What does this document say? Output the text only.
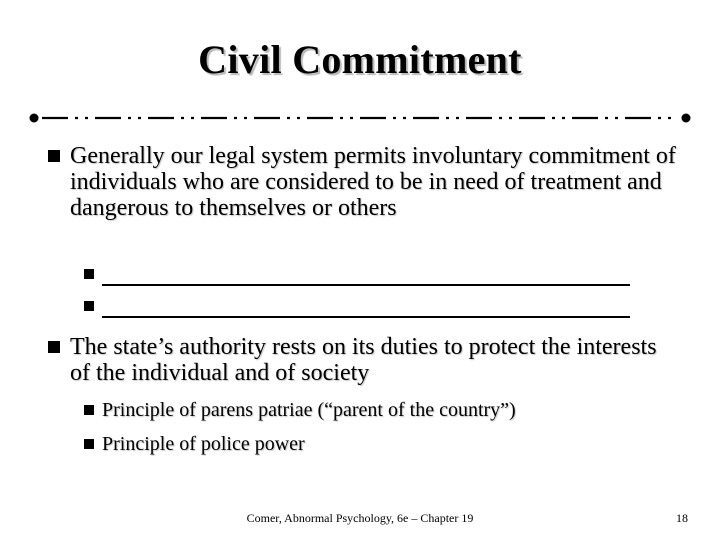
Civil Commitment
Generally our legal system permits involuntary commitment of individuals who are considered to be in need of treatment and dangerous to themselves or others
The state’s authority rests on its duties to protect the interests of the individual and of society
Principle of parens patriae (“parent of the country”)
Principle of police power
Comer, Abnormal Psychology, 6e – Chapter 19	18
